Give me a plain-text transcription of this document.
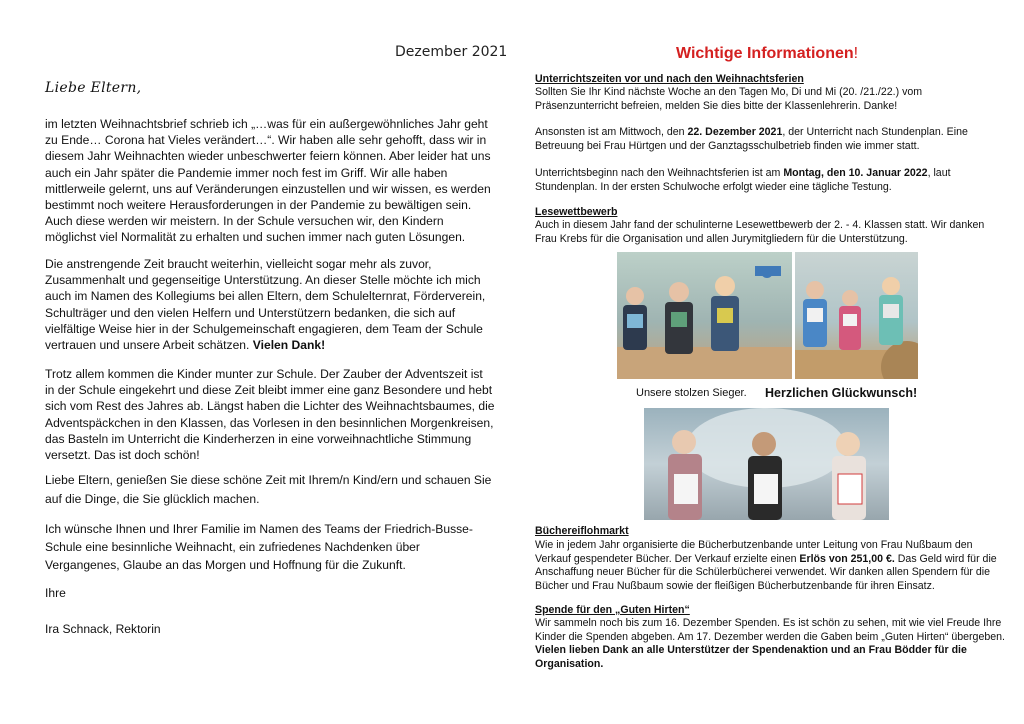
Dezember 2021
Liebe Eltern,
im letzten Weihnachtsbrief schrieb ich „…was für ein außergewöhnliches Jahr geht zu Ende… Corona hat Vieles verändert…“. Wir haben alle sehr gehofft, dass wir in diesem Jahr Weihnachten wieder unbeschwerter feiern können. Aber leider hat uns auch ein Jahr später die Pandemie immer noch fest im Griff. Wir alle haben mittlerweile gelernt, uns auf Veränderungen einzustellen und wir wissen, es werden bestimmt noch weitere Herausforderungen in der Pandemie zu bewältigen sein. Auch diese werden wir meistern. In der Schule versuchen wir, den Kindern möglichst viel Normalität zu erhalten und suchen immer nach guten Lösungen.
Die anstrengende Zeit braucht weiterhin, vielleicht sogar mehr als zuvor, Zusammenhalt und gegenseitige Unterstützung. An dieser Stelle möchte ich mich auch im Namen des Kollegiums bei allen Eltern, dem Schulelternrat, Förderverein, Schulträger und den vielen Helfern und Unterstützern bedanken, die sich auf vielfältige Weise hier in der Schulgemeinschaft engagieren, dem Team der Schule vertrauen und unsere Arbeit schätzen. Vielen Dank!
Trotz allem kommen die Kinder munter zur Schule. Der Zauber der Adventszeit ist in der Schule eingekehrt und diese Zeit bleibt immer eine ganz Besondere und hebt sich vom Rest des Jahres ab. Längst haben die Lichter des Weihnachtsbaumes, die Adventspäckchen in den Klassen, das Vorlesen in den besinnlichen Morgenkreisen, das Basteln im Unterricht die Kinderherzen in eine vorweihnachtliche Stimmung versetzt. Das ist doch schön!
Liebe Eltern, genießen Sie diese schöne Zeit mit Ihrem/n Kind/ern und schauen Sie auf die Dinge, die Sie glücklich machen.
Ich wünsche Ihnen und Ihrer Familie im Namen des Teams der Friedrich-Busse-Schule eine besinnliche Weihnacht, ein zufriedenes Nachdenken über Vergangenes, Glaube an das Morgen und Hoffnung für die Zukunft.
Ihre
Ira Schnack, Rektorin
Wichtige Informationen!
Unterrichtszeiten vor und nach den Weihnachtsferien
Sollten Sie Ihr Kind nächste Woche an den Tagen Mo, Di und Mi (20. /21./22.) vom Präsenzunterricht befreien, melden Sie dies bitte der Klassenlehrerin. Danke!
Ansonsten ist am Mittwoch, den 22. Dezember 2021, der Unterricht nach Stundenplan. Eine Betreuung bei Frau Hürtgen und der Ganztagsschulbetrieb finden wie immer statt.
Unterrichtsbeginn nach den Weihnachtsferien ist am Montag, den 10. Januar 2022, laut Stundenplan. In der ersten Schulwoche erfolgt wieder eine tägliche Testung.
Lesewettbewerb
Auch in diesem Jahr fand der schulinterne Lesewettbewerb der 2. - 4. Klassen statt. Wir danken Frau Krebs für die Organisation und allen Jurymitgliedern für die Unterstützung.
Unsere stolzen Sieger. Herzlichen Glückwunsch!
Büchereiflohmarkt
Wie in jedem Jahr organisierte die Bücherbutzenbande unter Leitung von Frau Nußbaum den Verkauf gespendeter Bücher. Der Verkauf erzielte einen Erlös von 251,00 €. Das Geld wird für die Anschaffung neuer Bücher für die Schülerbücherei verwendet. Wir danken allen Spendern für die Bücher und Frau Nußbaum sowie der fleißigen Bücherbutzenbande für ihren Einsatz.
Spende für den „Guten Hirten“
Wir sammeln noch bis zum 16. Dezember Spenden. Es ist schön zu sehen, mit wie viel Freude Ihre Kinder die Spenden abgeben. Am 17. Dezember werden die Gaben beim „Guten Hirten“ übergeben. Vielen lieben Dank an alle Unterstützer der Spendenaktion und an Frau Bödder für die Organisation.
